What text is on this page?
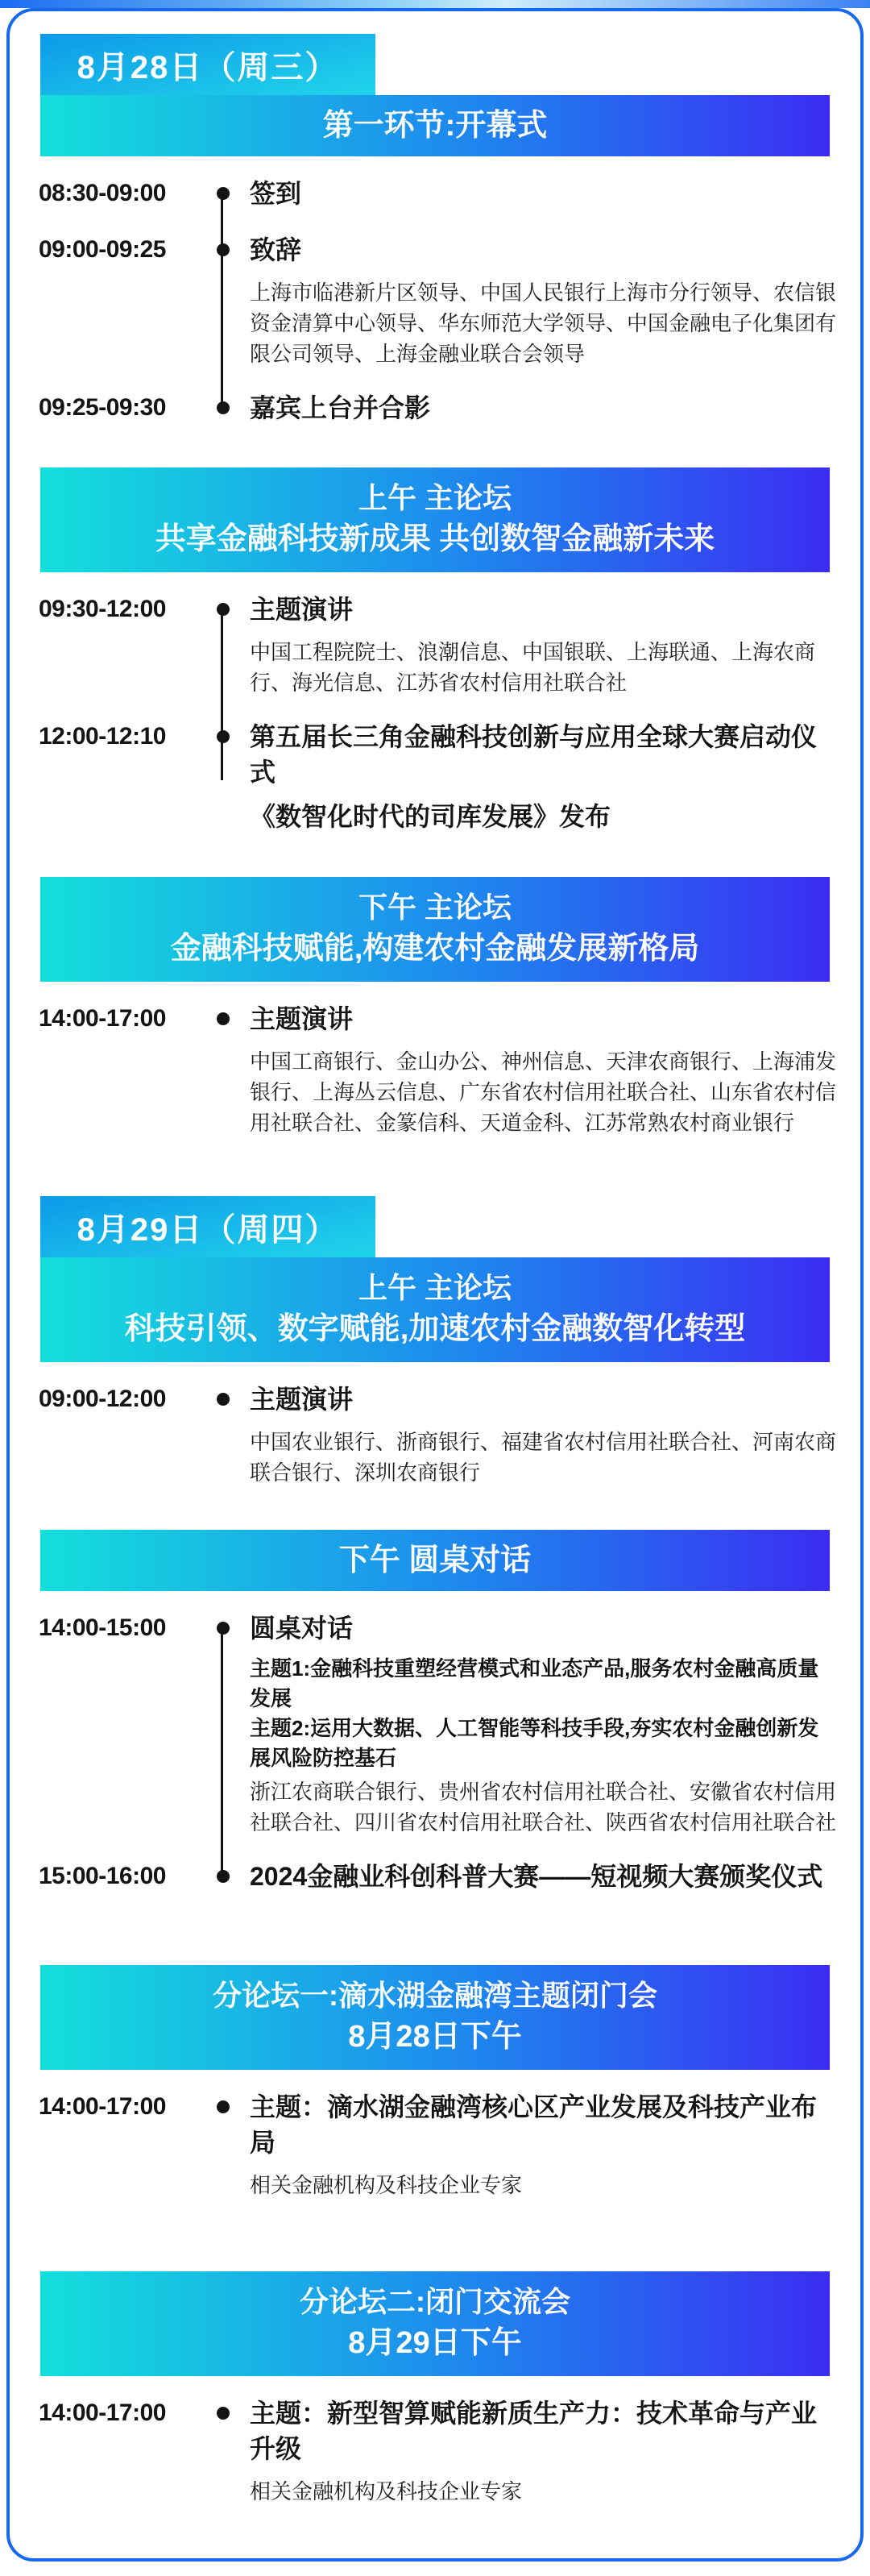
8月28日（周三）
第一环节:开幕式
08:30-09:00	签到
09:00-09:25	致辞
上海市临港新片区领导、中国人民银行上海市分行领导、农信银资金清算中心领导、华东师范大学领导、中国金融电子化集团有限公司领导、上海金融业联合会领导
09:25-09:30	嘉宾上台并合影
上午 主论坛
共享金融科技新成果 共创数智金融新未来
09:30-12:00	主题演讲
中国工程院院士、浪潮信息、中国银联、上海联通、上海农商行、海光信息、江苏省农村信用社联合社
12:00-12:10	第五届长三角金融科技创新与应用全球大赛启动仪式
《数智化时代的司库发展》发布
下午 主论坛
金融科技赋能,构建农村金融发展新格局
14:00-17:00	主题演讲
中国工商银行、金山办公、神州信息、天津农商银行、上海浦发银行、上海丛云信息、广东省农村信用社联合社、山东省农村信用社联合社、金篆信科、天道金科、江苏常熟农村商业银行
8月29日（周四）
上午 主论坛
科技引领、数字赋能,加速农村金融数智化转型
09:00-12:00	主题演讲
中国农业银行、浙商银行、福建省农村信用社联合社、河南农商联合银行、深圳农商银行
下午 圆桌对话
14:00-15:00	圆桌对话
主题1:金融科技重塑经营模式和业态产品,服务农村金融高质量发展
主题2:运用大数据、人工智能等科技手段,夯实农村金融创新发展风险防控基石
浙江农商联合银行、贵州省农村信用社联合社、安徽省农村信用社联合社、四川省农村信用社联合社、陕西省农村信用社联合社
15:00-16:00	2024金融业科创科普大赛——短视频大赛颁奖仪式
分论坛一:滴水湖金融湾主题闭门会
8月28日下午
14:00-17:00	主题：滴水湖金融湾核心区产业发展及科技产业布局
相关金融机构及科技企业专家
分论坛二:闭门交流会
8月29日下午
14:00-17:00	主题：新型智算赋能新质生产力：技术革命与产业升级
相关金融机构及科技企业专家
